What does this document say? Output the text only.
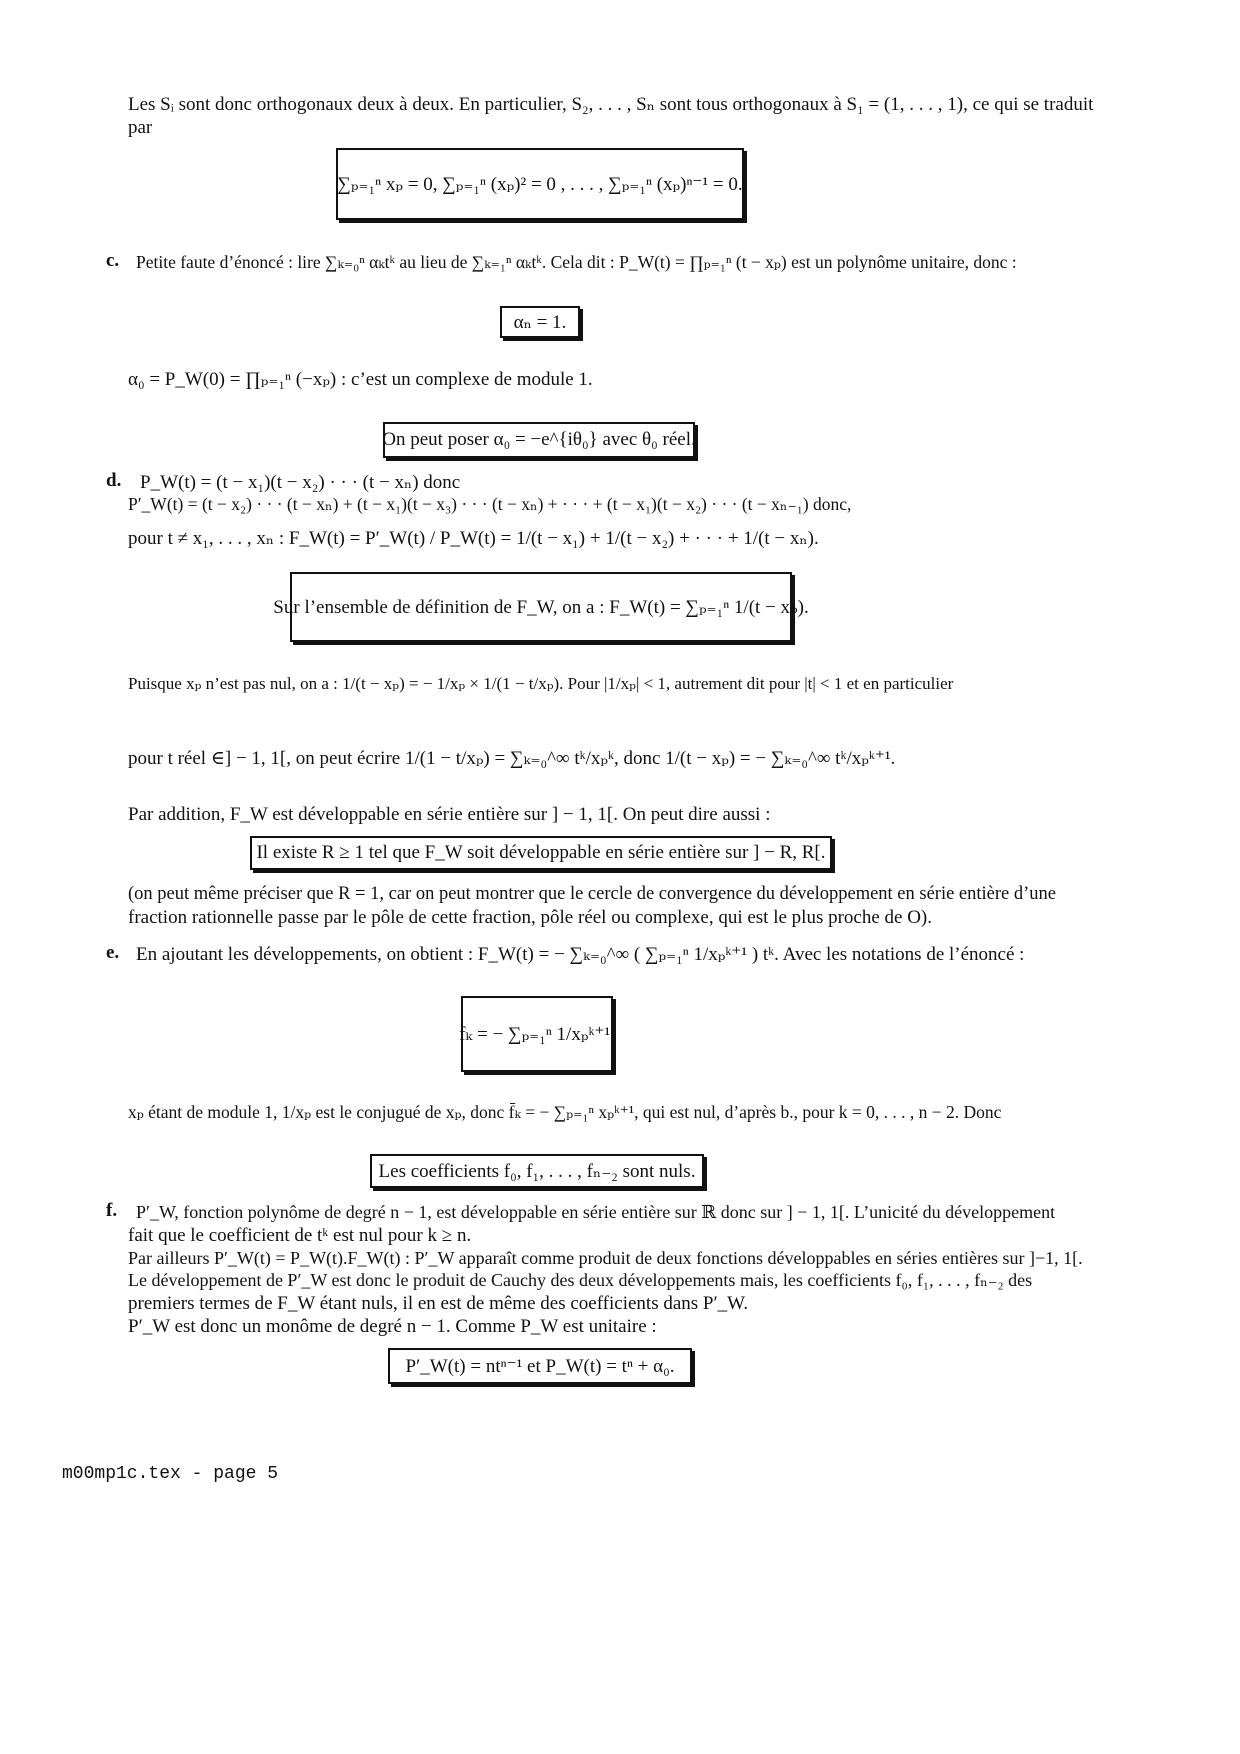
Les Sᵢ sont donc orthogonaux deux à deux. En particulier, S₂, . . . , Sₙ sont tous orthogonaux à S₁ = (1, . . . , 1), ce qui se traduit
par
∑ₚ₌₁ⁿ xₚ = 0, ∑ₚ₌₁ⁿ (xₚ)² = 0 , . . . , ∑ₚ₌₁ⁿ (xₚ)ⁿ⁻¹ = 0.
c. Petite faute d’énoncé : lire ∑ₖ₌₀ⁿ αₖtᵏ au lieu de ∑ₖ₌₁ⁿ αₖtᵏ. Cela dit : P_W(t) = ∏ₚ₌₁ⁿ (t − xₚ) est un polynôme unitaire, donc :
αₙ = 1.
α₀ = P_W(0) = ∏ₚ₌₁ⁿ (−xₚ) : c’est un complexe de module 1.
On peut poser α₀ = −e^{iθ₀} avec θ₀ réel.
d. P_W(t) = (t − x₁)(t − x₂) · · · (t − xₙ) donc
P′_W(t) = (t − x₂) · · · (t − xₙ) + (t − x₁)(t − x₃) · · · (t − xₙ) + · · · + (t − x₁)(t − x₂) · · · (t − xₙ₋₁) donc,
pour t ≠ x₁, . . . , xₙ : F_W(t) = P′_W(t) / P_W(t) = 1/(t − x₁) + 1/(t − x₂) + · · · + 1/(t − xₙ).
Sur l’ensemble de définition de F_W, on a : F_W(t) = ∑ₚ₌₁ⁿ 1/(t − xₚ).
Puisque xₚ n’est pas nul, on a : 1/(t − xₚ) = − 1/xₚ × 1/(1 − t/xₚ). Pour |1/xₚ| < 1, autrement dit pour |t| < 1 et en particulier
pour t réel ∈] − 1, 1[, on peut écrire 1/(1 − t/xₚ) = ∑ₖ₌₀^∞ tᵏ/xₚᵏ, donc 1/(t − xₚ) = − ∑ₖ₌₀^∞ tᵏ/xₚᵏ⁺¹.
Par addition, F_W est développable en série entière sur ] − 1, 1[. On peut dire aussi :
Il existe R ≥ 1 tel que F_W soit développable en série entière sur ] − R, R[.
(on peut même préciser que R = 1, car on peut montrer que le cercle de convergence du développement en série entière d’une
fraction rationnelle passe par le pôle de cette fraction, pôle réel ou complexe, qui est le plus proche de O).
e. En ajoutant les développements, on obtient : F_W(t) = − ∑ₖ₌₀^∞ ( ∑ₚ₌₁ⁿ 1/xₚᵏ⁺¹ ) tᵏ. Avec les notations de l’énoncé :
fₖ = − ∑ₚ₌₁ⁿ 1/xₚᵏ⁺¹.
xₚ étant de module 1, 1/xₚ est le conjugué de xₚ, donc f̄ₖ = − ∑ₚ₌₁ⁿ xₚᵏ⁺¹, qui est nul, d’après b., pour k = 0, . . . , n − 2. Donc
Les coefficients f₀, f₁, . . . , fₙ₋₂ sont nuls.
f. P′_W, fonction polynôme de degré n − 1, est développable en série entière sur ℝ donc sur ] − 1, 1[. L’unicité du développement
fait que le coefficient de tᵏ est nul pour k ≥ n.
Par ailleurs P′_W(t) = P_W(t).F_W(t) : P′_W apparaît comme produit de deux fonctions développables en séries entières sur ]−1, 1[.
Le développement de P′_W est donc le produit de Cauchy des deux développements mais, les coefficients f₀, f₁, . . . , fₙ₋₂ des
premiers termes de F_W étant nuls, il en est de même des coefficients dans P′_W.
P′_W est donc un monôme de degré n − 1. Comme P_W est unitaire :
P′_W(t) = ntⁿ⁻¹ et P_W(t) = tⁿ + α₀.
m00mp1c.tex - page 5
